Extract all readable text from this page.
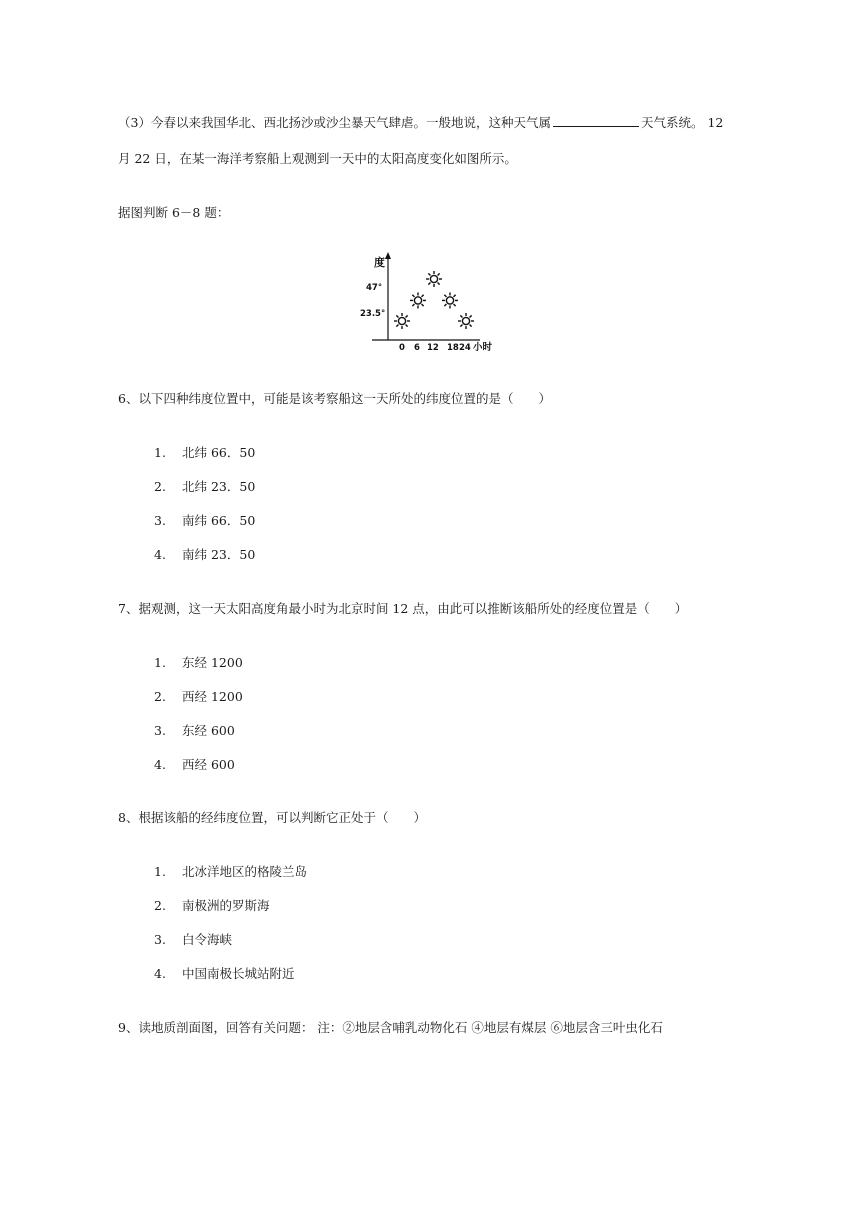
（3）今春以来我国华北、西北扬沙或沙尘暴天气肆虐。一般地说，这种天气属	天气系统。 12
月 22 日，在某一海洋考察船上观测到一天中的太阳高度变化如图所示。
据图判断 6－8 题：
度
小时
47°
23.5°
0 6 12 18 24
6、以下四种纬度位置中，可能是该考察船这一天所处的纬度位置的是（　　）
1. 北纬 66．50
2. 北纬 23．50
3. 南纬 66．50
4. 南纬 23．50
7、据观测，这一天太阳高度角最小时为北京时间 12 点，由此可以推断该船所处的经度位置是（　　）
1. 东经 1200
2. 西经 1200
3. 东经 600
4. 西经 600
8、根据该船的经纬度位置，可以判断它正处于（　　）
1. 北冰洋地区的格陵兰岛
2. 南极洲的罗斯海
3. 白令海峡
4. 中国南极长城站附近
9、读地质剖面图，回答有关问题： 注：②地层含哺乳动物化石 ④地层有煤层 ⑥地层含三叶虫化石
